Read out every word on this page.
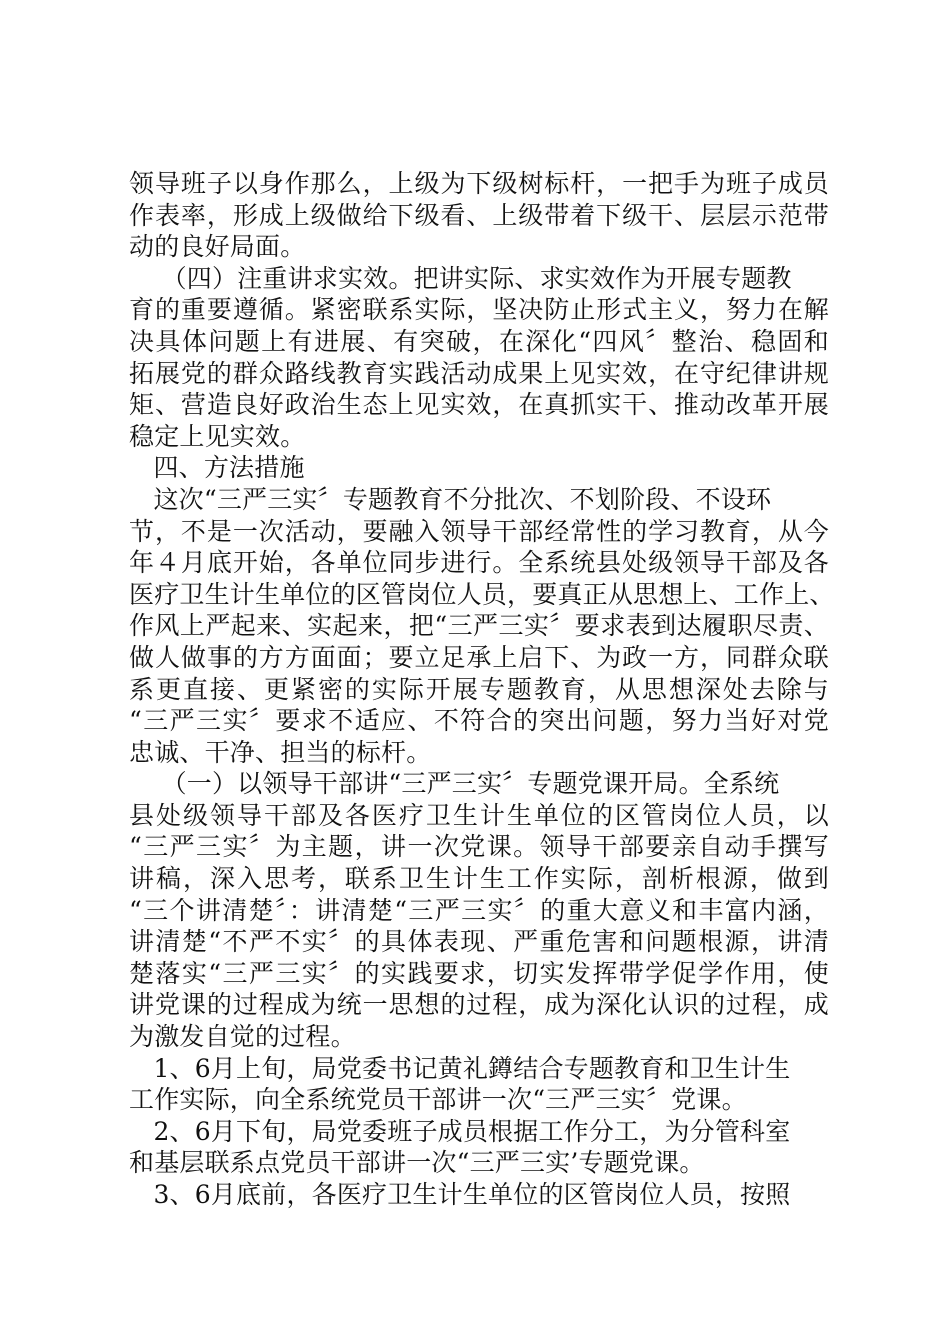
领导班子以身作那么，上级为下级树标杆，一把手为班子成员
作表率，形成上级做给下级看、上级带着下级干、层层示范带
动的良好局面。
（四）注重讲求实效。把讲实际、求实效作为开展专题教
育的重要遵循。紧密联系实际，坚决防止形式主义，努力在解
决具体问题上有进展、有突破，在深化“四风〞整治、稳固和
拓展党的群众路线教育实践活动成果上见实效，在守纪律讲规
矩、营造良好政治生态上见实效，在真抓实干、推动改革开展
稳定上见实效。
四、方法措施
这次“三严三实〞专题教育不分批次、不划阶段、不设环
节，不是一次活动，要融入领导干部经常性的学习教育，从今
年４月底开始，各单位同步进行。全系统县处级领导干部及各
医疗卫生计生单位的区管岗位人员，要真正从思想上、工作上、
作风上严起来、实起来，把“三严三实〞要求表到达履职尽责、
做人做事的方方面面；要立足承上启下、为政一方，同群众联
系更直接、更紧密的实际开展专题教育，从思想深处去除与
“三严三实〞要求不适应、不符合的突出问题，努力当好对党
忠诚、干净、担当的标杆。
（一）以领导干部讲“三严三实〞专题党课开局。全系统
县处级领导干部及各医疗卫生计生单位的区管岗位人员，以
“三严三实〞为主题，讲一次党课。领导干部要亲自动手撰写
讲稿，深入思考，联系卫生计生工作实际，剖析根源，做到
“三个讲清楚〞：讲清楚“三严三实〞的重大意义和丰富内涵，
讲清楚“不严不实〞的具体表现、严重危害和问题根源，讲清
楚落实“三严三实〞的实践要求，切实发挥带学促学作用，使
讲党课的过程成为统一思想的过程，成为深化认识的过程，成
为激发自觉的过程。
1、6月上旬，局党委书记黄礼鐏结合专题教育和卫生计生
工作实际，向全系统党员干部讲一次“三严三实〞党课。
2、6月下旬，局党委班子成员根据工作分工，为分管科室
和基层联系点党员干部讲一次“三严三实’专题党课。
3、6月底前，各医疗卫生计生单位的区管岗位人员，按照
